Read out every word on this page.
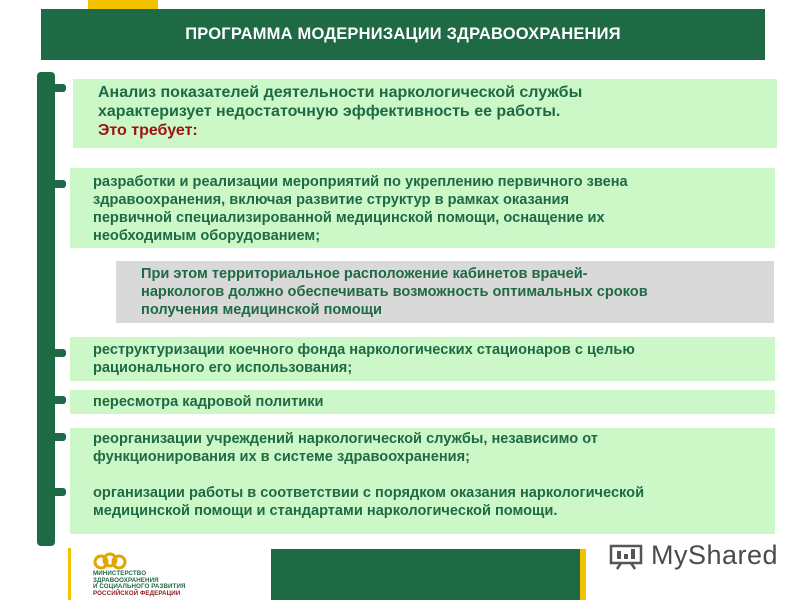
ПРОГРАММА МОДЕРНИЗАЦИИ ЗДРАВООХРАНЕНИЯ
Анализ показателей деятельности наркологической службы
характеризует недостаточную эффективность ее работы.
Это требует:
разработки и реализации мероприятий по укреплению первичного звена
здравоохранения, включая развитие структур в рамках оказания
первичной специализированной медицинской помощи, оснащение их
необходимым оборудованием;
При этом территориальное расположение кабинетов врачей-
наркологов должно обеспечивать возможность оптимальных сроков
получения медицинской помощи
реструктуризации коечного фонда наркологических стационаров с целью
рационального его использования;
пересмотра кадровой политики
реорганизации учреждений наркологической службы, независимо от
функционирования их в системе здравоохранения;
организации работы в соответствии с порядком оказания наркологической
медицинской помощи и стандартами наркологической помощи.
МИНИСТЕРСТВО
ЗДРАВООХРАНЕНИЯ
И СОЦИАЛЬНОГО РАЗВИТИЯ
РОССИЙСКОЙ ФЕДЕРАЦИИ
MyShared
